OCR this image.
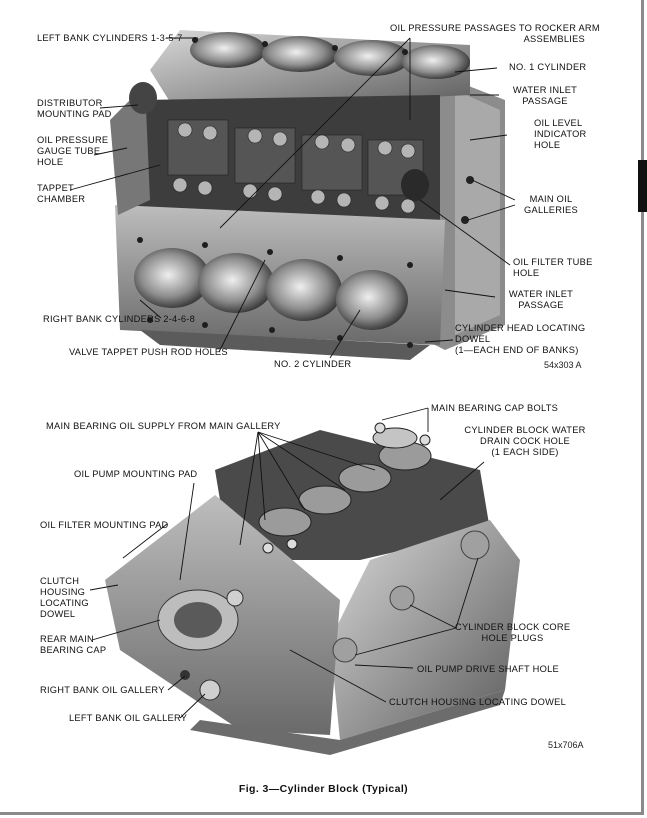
LEFT BANK CYLINDERS 1-3-5-7
OIL PRESSURE PASSAGES TO ROCKER ARM
ASSEMBLIES
NO. 1 CYLINDER
DISTRIBUTOR
MOUNTING PAD
WATER INLET
PASSAGE
OIL PRESSURE
GAUGE TUBE
HOLE
OIL LEVEL
INDICATOR
HOLE
TAPPET
CHAMBER	MAIN OIL
GALLERIES
OIL FILTER TUBE
HOLE
WATER INLET
PASSAGE
RIGHT BANK CYLINDERS 2-4-6-8
CYLINDER HEAD LOCATING
DOWEL
(1—EACH END OF BANKS)
VALVE TAPPET PUSH ROD HOLES
NO. 2 CYLINDER	54x303 A
MAIN BEARING CAP BOLTS
MAIN BEARING OIL SUPPLY FROM MAIN GALLERY	CYLINDER BLOCK WATER
DRAIN COCK HOLE
(1 EACH SIDE)
OIL PUMP MOUNTING PAD
OIL FILTER MOUNTING PAD
CLUTCH
HOUSING
LOCATING
DOWEL
REAR MAIN
BEARING CAP
CYLINDER BLOCK CORE
HOLE PLUGS
OIL PUMP DRIVE SHAFT HOLE
RIGHT BANK OIL GALLERY
CLUTCH HOUSING LOCATING DOWEL
LEFT BANK OIL GALLERY
51x706A
Fig. 3—Cylinder Block (Typical)
